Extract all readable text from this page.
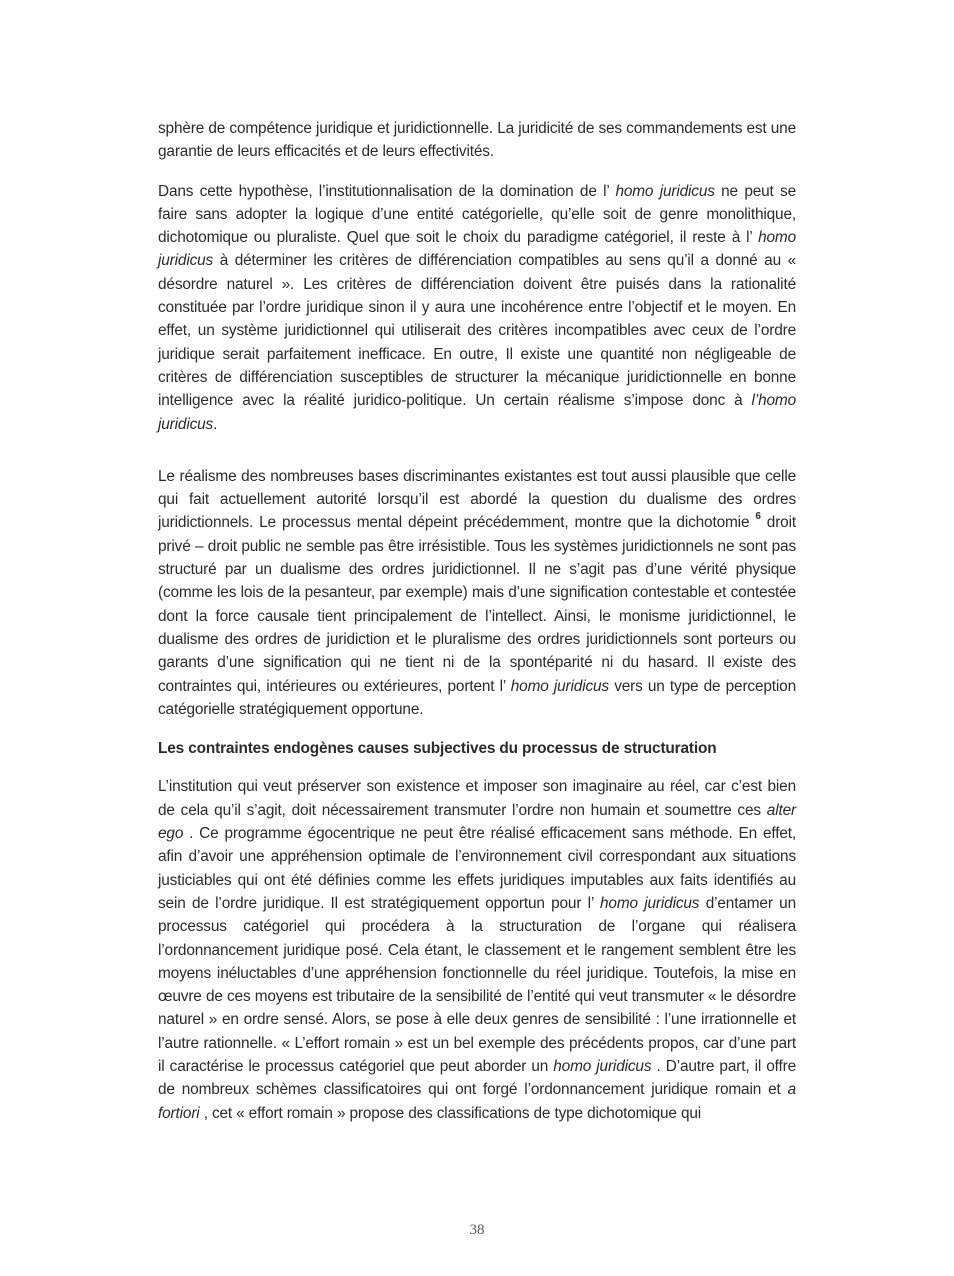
sphère de compétence juridique et juridictionnelle. La juridicité de ses commandements est une garantie de leurs efficacités et de leurs effectivités.

Dans cette hypothèse, l’institutionnalisation de la domination de l’ homo juridicus ne peut se faire sans adopter la logique d’une entité catégorielle, qu’elle soit de genre monolithique, dichotomique ou pluraliste. Quel que soit le choix du paradigme catégoriel, il reste à l’ homo juridicus à déterminer les critères de différenciation compatibles au sens qu’il a donné au « désordre naturel ». Les critères de différenciation doivent être puisés dans la rationalité constituée par l’ordre juridique sinon il y aura une incohérence entre l’objectif et le moyen. En effet, un système juridictionnel qui utiliserait des critères incompatibles avec ceux de l’ordre juridique serait parfaitement inefficace. En outre, Il existe une quantité non négligeable de critères de différenciation susceptibles de structurer la mécanique juridictionnelle en bonne intelligence avec la réalité juridico-politique. Un certain réalisme s’impose donc à l’homo juridicus.

Le réalisme des nombreuses bases discriminantes existantes est tout aussi plausible que celle qui fait actuellement autorité lorsqu’il est abordé la question du dualisme des ordres juridictionnels. Le processus mental dépeint précédemment, montre que la dichotomie $^6$ droit privé – droit public ne semble pas être irrésistible. Tous les systèmes juridictionnels ne sont pas structuré par un dualisme des ordres juridictionnel. Il ne s’agit pas d’une vérité physique (comme les lois de la pesanteur, par exemple) mais d’une signification contestable et contestée dont la force causale tient principalement de l’intellect. Ainsi, le monisme juridictionnel, le dualisme des ordres de juridiction et le pluralisme des ordres juridictionnels sont porteurs ou garants d’une signification qui ne tient ni de la spontéparité ni du hasard. Il existe des contraintes qui, intérieures ou extérieures, portent l’ homo juridicus vers un type de perception catégorielle stratégiquement opportune.

Les contraintes endogènes causes subjectives du processus de structuration

L’institution qui veut préserver son existence et imposer son imaginaire au réel, car c’est bien de cela qu’il s’agit, doit nécessairement transmuter l’ordre non humain et soumettre ces alter ego . Ce programme égocentrique ne peut être réalisé efficacement sans méthode. En effet, afin d’avoir une appréhension optimale de l’environnement civil correspondant aux situations justiciables qui ont été définies comme les effets juridiques imputables aux faits identifiés au sein de l’ordre juridique. Il est stratégiquement opportun pour l’ homo juridicus d’entamer un processus catégoriel qui procédera à la structuration de l’organe qui réalisera l’ordonnancement juridique posé. Cela étant, le classement et le rangement semblent être les moyens inéluctables d’une appréhension fonctionnelle du réel juridique. Toutefois, la mise en œuvre de ces moyens est tributaire de la sensibilité de l’entité qui veut transmuter « le désordre naturel » en ordre sensé. Alors, se pose à elle deux genres de sensibilité : l’une irrationnelle et l’autre rationnelle. « L’effort romain » est un bel exemple des précédents propos, car d’une part il caractérise le processus catégoriel que peut aborder un homo juridicus . D’autre part, il offre de nombreux schèmes classificatoires qui ont forgé l’ordonnancement juridique romain et a fortiori , cet « effort romain » propose des classifications de type dichotomique qui

38
